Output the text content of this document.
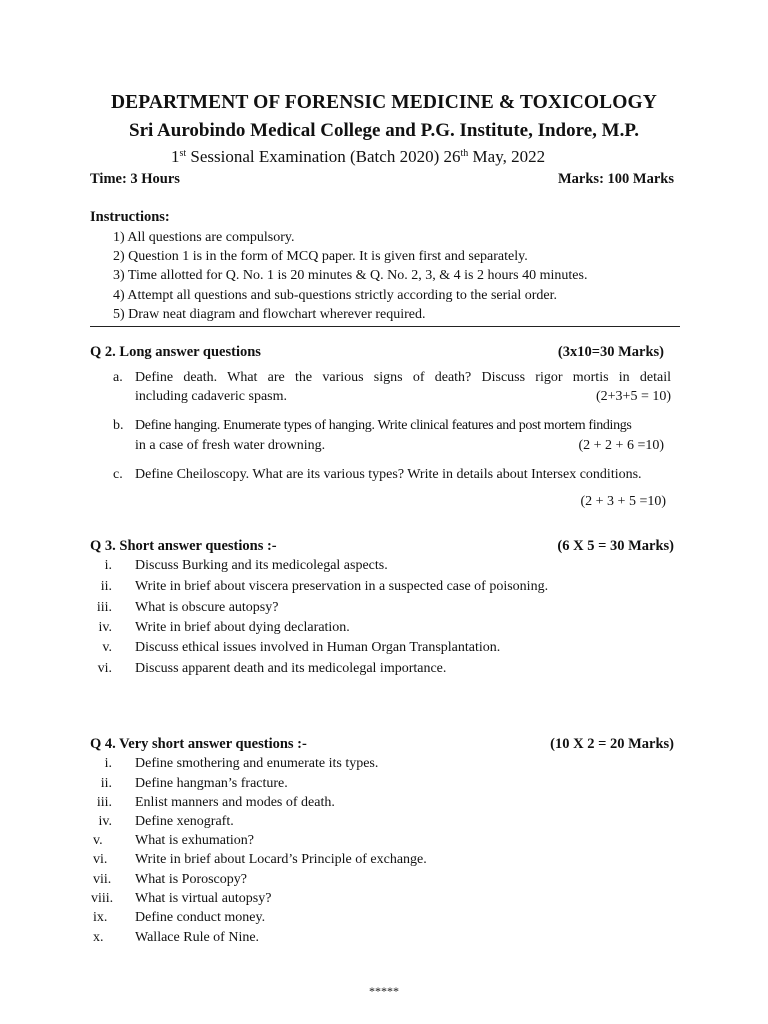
DEPARTMENT OF FORENSIC MEDICINE & TOXICOLOGY
Sri Aurobindo Medical College and P.G. Institute, Indore, M.P.
1st Sessional Examination (Batch 2020) 26th May, 2022
Time: 3 Hours	Marks: 100 Marks
Instructions:
1) All questions are compulsory.
2) Question 1 is in the form of MCQ paper. It is given first and separately.
3) Time allotted for Q. No. 1 is 20 minutes & Q. No. 2, 3, & 4 is 2 hours 40 minutes.
4) Attempt all questions and sub-questions strictly according to the serial order.
5) Draw neat diagram and flowchart wherever required.
Q 2. Long answer questions	(3x10=30 Marks)
a. Define death. What are the various signs of death? Discuss rigor mortis in detail
including cadaveric spasm.	(2+3+5 = 10)
b. Define hanging. Enumerate types of hanging. Write clinical features and post mortem findings
in a case of fresh water drowning.	(2 + 2 + 6 =10)
c. Define Cheiloscopy. What are its various types? Write in details about Intersex conditions.
(2 + 3 + 5 =10)
Q 3. Short answer questions :-	(6 X 5 = 30 Marks)
i. Discuss Burking and its medicolegal aspects.
ii. Write in brief about viscera preservation in a suspected case of poisoning.
iii. What is obscure autopsy?
iv. Write in brief about dying declaration.
v. Discuss ethical issues involved in Human Organ Transplantation.
vi. Discuss apparent death and its medicolegal importance.
Q 4. Very short answer questions :-	(10 X 2 = 20 Marks)
i. Define smothering and enumerate its types.
ii. Define hangman’s fracture.
iii. Enlist manners and modes of death.
iv. Define xenograft.
v. What is exhumation?
vi. Write in brief about Locard’s Principle of exchange.
vii. What is Poroscopy?
viii. What is virtual autopsy?
ix. Define conduct money.
x. Wallace Rule of Nine.
*****
